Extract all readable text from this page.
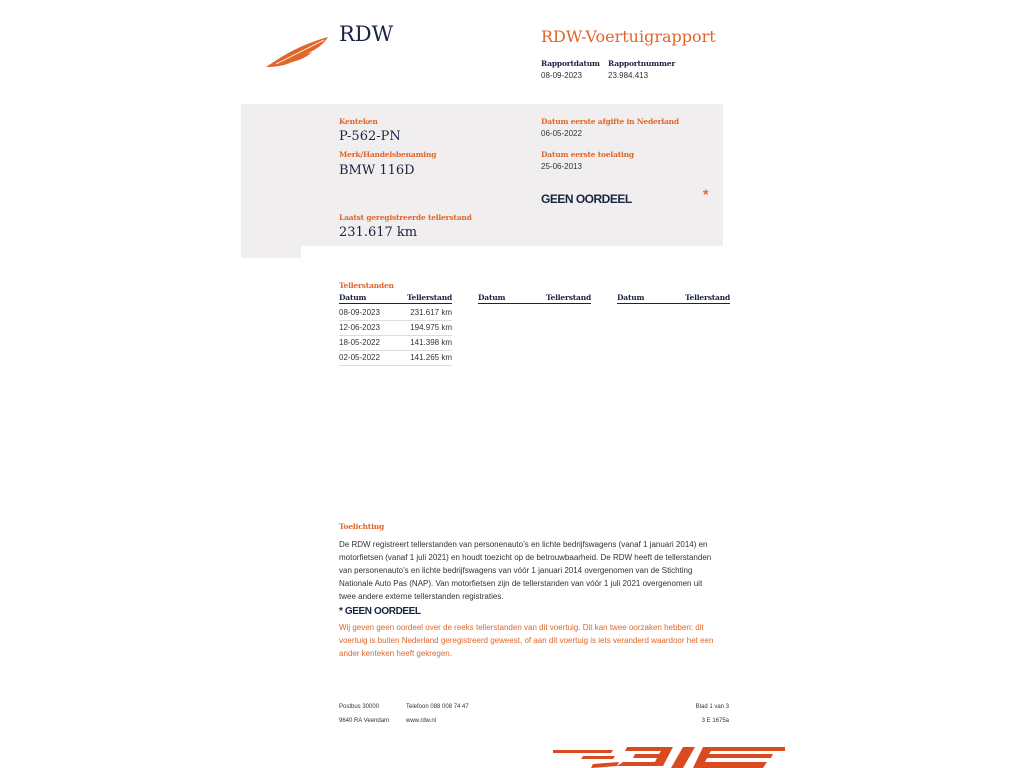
RDW	RDW-Voertuigrapport
Rapportdatum
08-09-2023
Rapportnummer
23.984.413
Kenteken
P-562-PN
Merk/Handelsbenaming
BMW 116D
Datum eerste afgifte in Nederland
06-05-2022
Datum eerste toelating
25-06-2013
GEEN OORDEEL	*
Laatst geregistreerde tellerstand
231.617 km
Tellerstanden
Datum	Tellerstand
08-09-2023	231.617 km
12-06-2023	194.975 km
18-05-2022	141.398 km
02-05-2022	141.265 km
Datum	Tellerstand	Datum	Tellerstand
Toelichting
De RDW registreert tellerstanden van personenauto’s en lichte bedrijfswagens (vanaf 1 januari 2014) en
motorfietsen (vanaf 1 juli 2021) en houdt toezicht op de betrouwbaarheid. De RDW heeft de tellerstanden
van personenauto’s en lichte bedrijfswagens van vóór 1 januari 2014 overgenomen van de Stichting
Nationale Auto Pas (NAP). Van motorfietsen zijn de tellerstanden van vóór 1 juli 2021 overgenomen uit
twee andere externe tellerstanden registraties.
* GEEN OORDEEL
Wij geven geen oordeel over de reeks tellerstanden van dit voertuig. Dit kan twee oorzaken hebben: dit
voertuig is buiten Nederland geregistreerd geweest, of aan dit voertuig is iets veranderd waardoor het een
ander kenteken heeft gekregen.
Postbus 30000
9640 RA Veendam
Telefoon 088 008 74 47
www.rdw.nl
Blad 1 van 3
3 E 1675a
